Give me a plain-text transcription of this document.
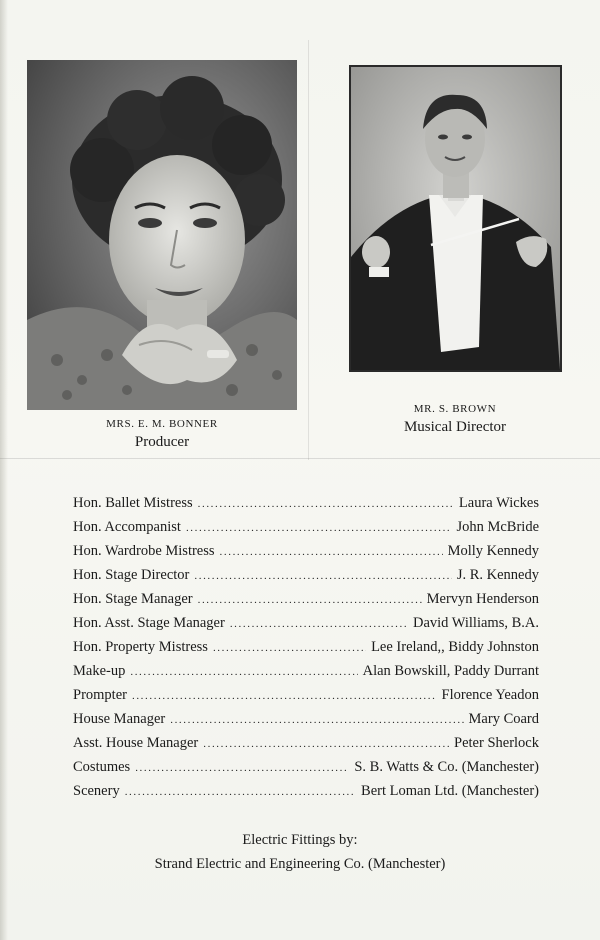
MRS. E. M. BONNER
Producer
MR. S. BROWN
Musical Director
Hon. Ballet Mistress .....	Laura Wickes
Hon. Accompanist .....	John McBride
Hon. Wardrobe Mistress .....	Molly Kennedy
Hon. Stage Director .....	J. R. Kennedy
Hon. Stage Manager .....	Mervyn Henderson
Hon. Asst. Stage Manager .....	David Williams, B.A.
Hon. Property Mistress .....	Lee Ireland,, Biddy Johnston
Make-up .....	Alan Bowskill, Paddy Durrant
Prompter .....	Florence Yeadon
House Manager .....	Mary Coard
Asst. House Manager .....	Peter Sherlock
Costumes .....	S. B. Watts & Co. (Manchester)
Scenery .....	Bert Loman Ltd. (Manchester)
Electric Fittings by:
Strand Electric and Engineering Co. (Manchester)
